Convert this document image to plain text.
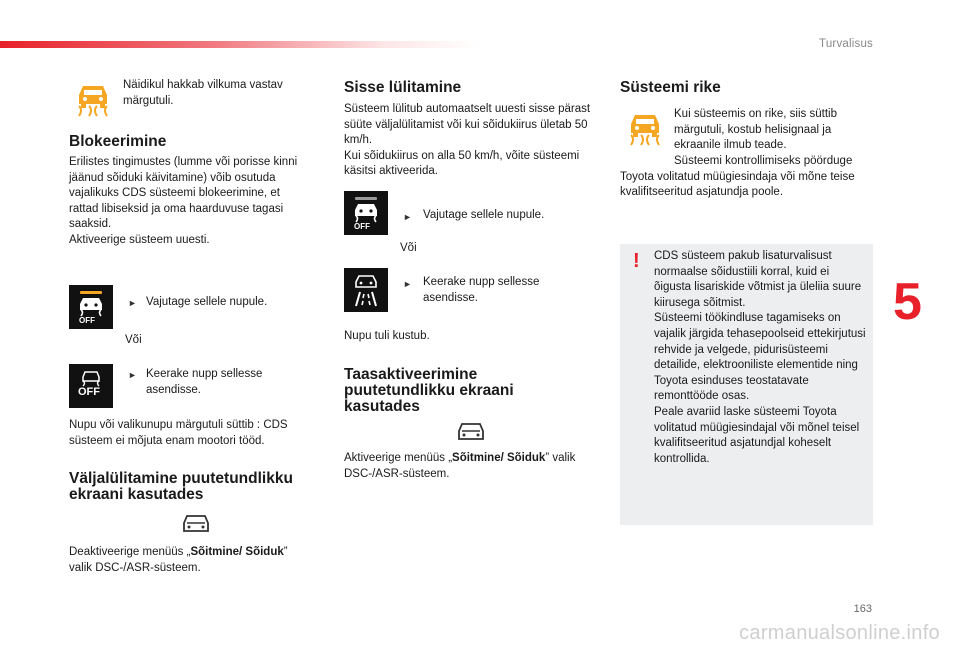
Turvalisus
5
163
carmanualsonline.info
Näidikul hakkab vilkuma vastav märgutuli.
Blokeerimine
Erilistes tingimustes (lumme või porisse kinni jäänud sõiduki käivitamine) võib osutuda vajalikuks CDS süsteemi blokeerimine, et rattad libiseksid ja oma haarduvuse tagasi saaksid.
Aktiveerige süsteem uuesti.
OFF
► Vajutage sellele nupule.
Või
OFF
► Keerake nupp sellesse asendisse.
Nupu või valikunupu märgutuli süttib : CDS süsteem ei mõjuta enam mootori tööd.
Väljalülitamine puutetundlikku ekraani kasutades
Deaktiveerige menüüs „Sõitmine/ Sõiduk”
valik DSC-/ASR-süsteem.
Sisse lülitamine
Süsteem lülitub automaatselt uuesti sisse pärast süüte väljalülitamist või kui sõidukiirus ületab 50 km/h.
Kui sõidukiirus on alla 50 km/h, võite süsteemi käsitsi aktiveerida.
OFF
► Vajutage sellele nupule.
Või
► Keerake nupp sellesse asendisse.
Nupu tuli kustub.
Taasaktiveerimine puutetundlikku ekraani kasutades
Aktiveerige menüüs „Sõitmine/ Sõiduk” valik
DSC-/ASR-süsteem.
Süsteemi rike
Kui süsteemis on rike, siis süttib märgutuli, kostub helisignaal ja ekraanile ilmub teade.
Süsteemi kontrollimiseks pöörduge Toyota volitatud müügiesindaja või mõne teise kvalifitseeritud asjatundja poole.
! CDS süsteem pakub lisaturvalisust normaalse sõidustiili korral, kuid ei õigusta lisariskide võtmist ja üleliia suure kiirusega sõitmist.
Süsteemi töökindluse tagamiseks on vajalik järgida tehasepoolseid ettekirjutusi rehvide ja velgede, pidurisüsteemi detailide, elektrooniliste elementide ning Toyota esinduses teostatavate remonttööde osas.
Peale avariid laske süsteemi Toyota volitatud müügiesindajal või mõnel teisel kvalifitseeritud asjatundjal koheselt kontrollida.
